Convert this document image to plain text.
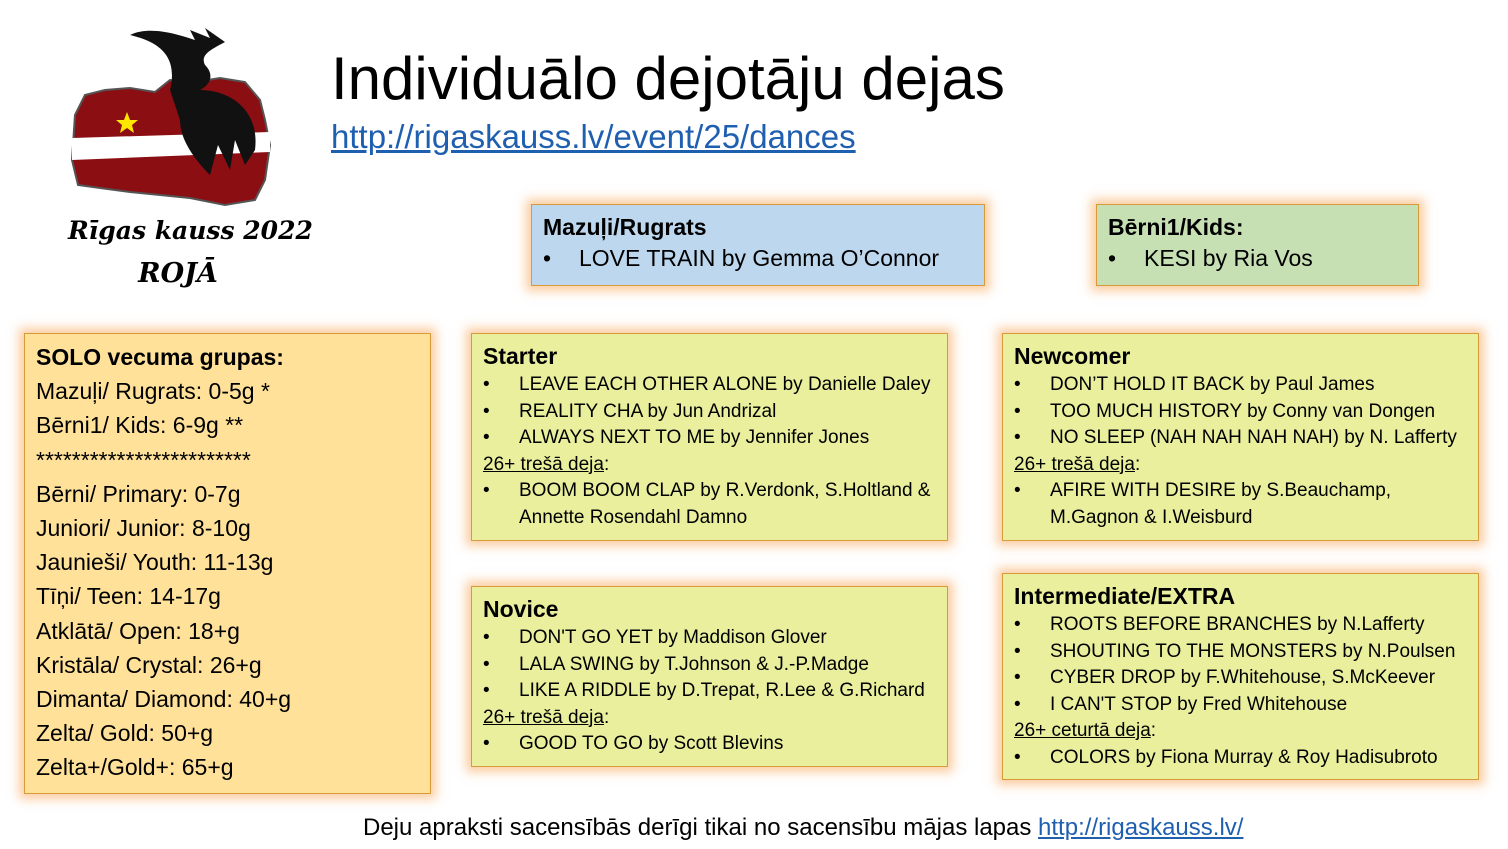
Rīgas kauss 2022
ROJĀ
Individuālo dejotāju dejas
http://rigaskauss.lv/event/25/dances
Mazuļi/Rugrats
• LOVE TRAIN by Gemma O’Connor
Bērni1/Kids:
• KESI by Ria Vos
SOLO vecuma grupas:
Mazuļi/ Rugrats: 0-5g *
Bērni1/ Kids: 6-9g **
************************
Bērni/ Primary: 0-7g
Juniori/ Junior: 8-10g
Jaunieši/ Youth: 11-13g
Tīņi/ Teen: 14-17g
Atklātā/ Open: 18+g
Kristāla/ Crystal: 26+g
Dimanta/ Diamond: 40+g
Zelta/ Gold: 50+g
Zelta+/Gold+: 65+g
Starter
• LEAVE EACH OTHER ALONE by Danielle Daley
• REALITY CHA by Jun Andrizal
• ALWAYS NEXT TO ME by Jennifer Jones
26+ trešā deja:
• BOOM BOOM CLAP by R.Verdonk, S.Holtland & Annette Rosendahl Damno
Newcomer
• DON’T HOLD IT BACK by Paul James
• TOO MUCH HISTORY by Conny van Dongen
• NO SLEEP (NAH NAH NAH NAH) by N. Lafferty
26+ trešā deja:
• AFIRE WITH DESIRE by S.Beauchamp, M.Gagnon & I.Weisburd
Novice
• DON'T GO YET by Maddison Glover
• LALA SWING by T.Johnson & J.-P.Madge
• LIKE A RIDDLE by D.Trepat, R.Lee & G.Richard
26+ trešā deja:
• GOOD TO GO by Scott Blevins
Intermediate/EXTRA
• ROOTS BEFORE BRANCHES by N.Lafferty
• SHOUTING TO THE MONSTERS by N.Poulsen
• CYBER DROP by F.Whitehouse, S.McKeever
• I CAN'T STOP by Fred Whitehouse
26+ ceturtā deja:
• COLORS by Fiona Murray & Roy Hadisubroto
Deju apraksti sacensībās derīgi tikai no sacensību mājas lapas http://rigaskauss.lv/
